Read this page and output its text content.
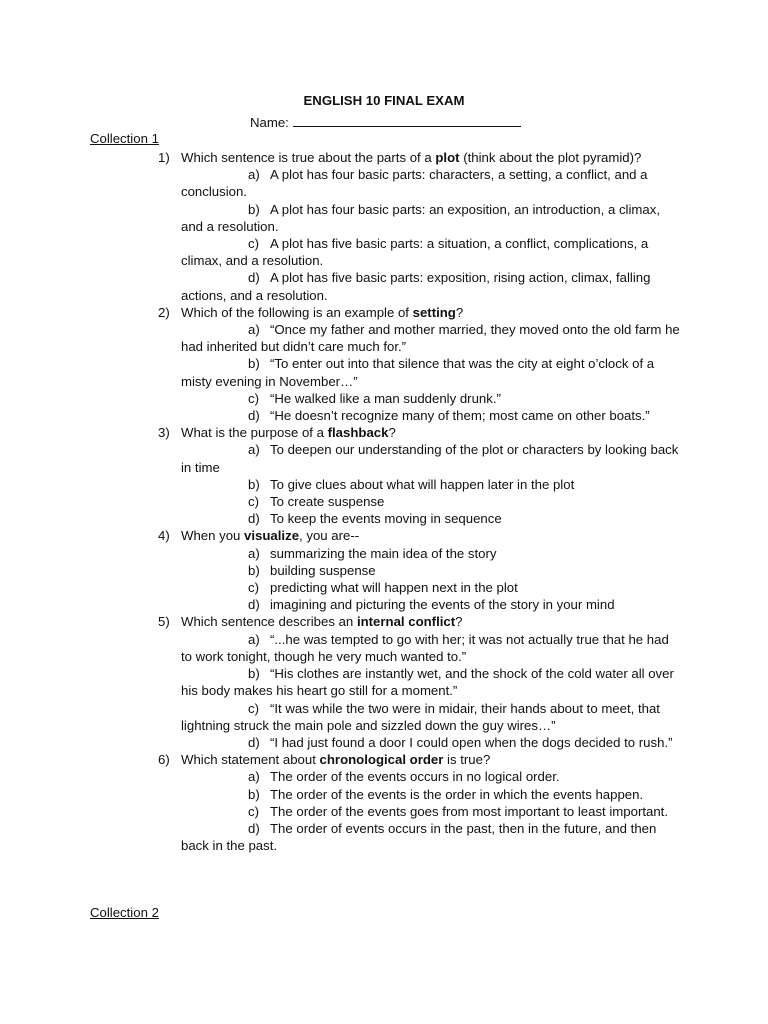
ENGLISH 10 FINAL EXAM
Name:
Collection 1
1) Which sentence is true about the parts of a plot (think about the plot pyramid)?
a) A plot has four basic parts: characters, a setting, a conflict, and a conclusion.
b) A plot has four basic parts: an exposition, an introduction, a climax, and a resolution.
c) A plot has five basic parts: a situation, a conflict, complications, a climax, and a resolution.
d) A plot has five basic parts: exposition, rising action, climax, falling actions, and a resolution.
2) Which of the following is an example of setting?
a) “Once my father and mother married, they moved onto the old farm he had inherited but didn’t care much for.”
b) “To enter out into that silence that was the city at eight o’clock of a misty evening in November…”
c) “He walked like a man suddenly drunk.”
d) “He doesn’t recognize many of them; most came on other boats.”
3) What is the purpose of a flashback?
a) To deepen our understanding of the plot or characters by looking back in time
b) To give clues about what will happen later in the plot
c) To create suspense
d) To keep the events moving in sequence
4) When you visualize, you are--
a) summarizing the main idea of the story
b) building suspense
c) predicting what will happen next in the plot
d) imagining and picturing the events of the story in your mind
5) Which sentence describes an internal conflict?
a) “...he was tempted to go with her; it was not actually true that he had to work tonight, though he very much wanted to.”
b) “His clothes are instantly wet, and the shock of the cold water all over his body makes his heart go still for a moment.”
c) “It was while the two were in midair, their hands about to meet, that lightning struck the main pole and sizzled down the guy wires…”
d) “I had just found a door I could open when the dogs decided to rush.”
6) Which statement about chronological order is true?
a) The order of the events occurs in no logical order.
b) The order of the events is the order in which the events happen.
c) The order of the events goes from most important to least important.
d) The order of events occurs in the past, then in the future, and then back in the past.
Collection 2
